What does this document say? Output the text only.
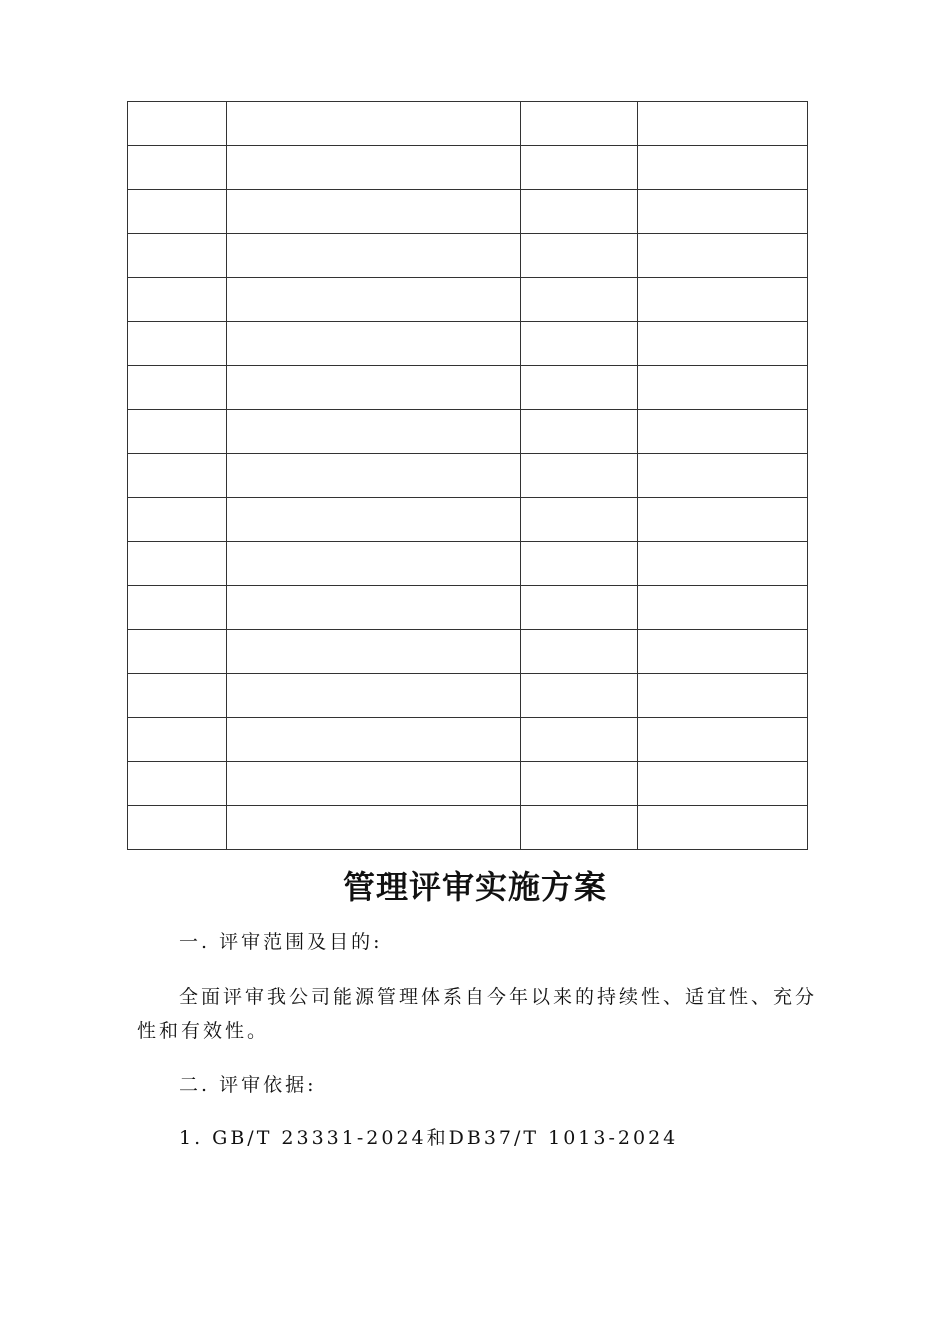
管理评审实施方案
一. 评审范围及目的:
全面评审我公司能源管理体系自今年以来的持续性、适宜性、充分性和有效性。
二. 评审依据:
1. GB/T 23331-2024和DB37/T 1013-2024
